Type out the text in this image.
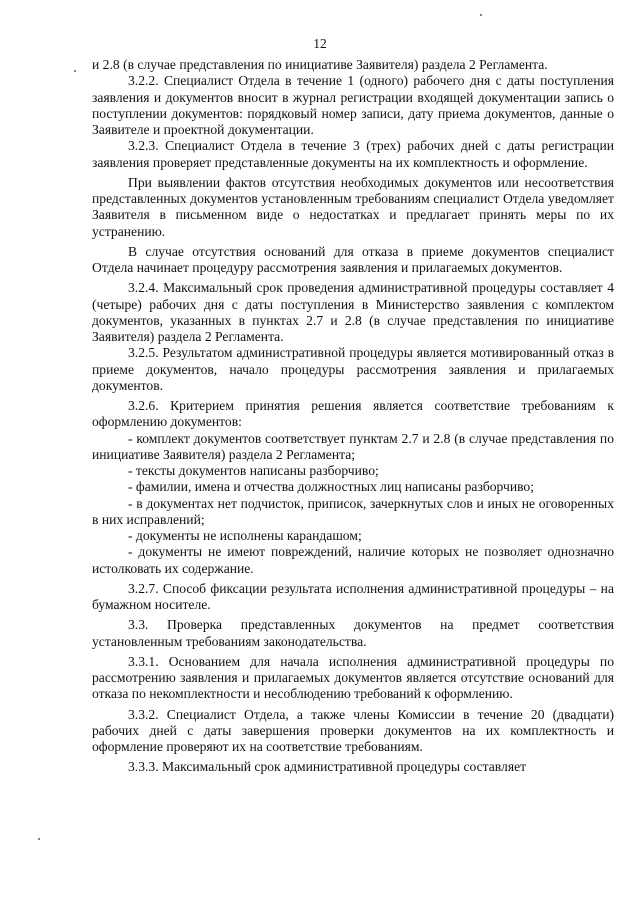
12

и 2.8 (в случае представления по инициативе Заявителя) раздела 2 Регламента.

3.2.2. Специалист Отдела в течение 1 (одного) рабочего дня с даты поступления заявления и документов вносит в журнал регистрации входящей документации запись о поступлении документов: порядковый номер записи, дату приема документов, данные о Заявителе и проектной документации.

3.2.3. Специалист Отдела в течение 3 (трех) рабочих дней с даты регистрации заявления проверяет представленные документы на их комплектность и оформление.

При выявлении фактов отсутствия необходимых документов или несоответствия представленных документов установленным требованиям специалист Отдела уведомляет Заявителя в письменном виде о недостатках и предлагает принять меры по их устранению.

В случае отсутствия оснований для отказа в приеме документов специалист Отдела начинает процедуру рассмотрения заявления и прилагаемых документов.

3.2.4. Максимальный срок проведения административной процедуры составляет 4 (четыре) рабочих дня с даты поступления в Министерство заявления с комплектом документов, указанных в пунктах 2.7 и 2.8 (в случае представления по инициативе Заявителя) раздела 2 Регламента.

3.2.5. Результатом административной процедуры является мотивированный отказ в приеме документов, начало процедуры рассмотрения заявления и прилагаемых документов.

3.2.6. Критерием принятия решения является соответствие требованиям к оформлению документов:

- комплект документов соответствует пунктам 2.7 и 2.8 (в случае представления по инициативе Заявителя) раздела 2 Регламента;

- тексты документов написаны разборчиво;

- фамилии, имена и отчества должностных лиц написаны разборчиво;

- в документах нет подчисток, приписок, зачеркнутых слов и иных не оговоренных в них исправлений;

- документы не исполнены карандашом;

- документы не имеют повреждений, наличие которых не позволяет однозначно истолковать их содержание.

3.2.7. Способ фиксации результата исполнения административной процедуры – на бумажном носителе.

3.3. Проверка представленных документов на предмет соответствия установленным требованиям законодательства.

3.3.1. Основанием для начала исполнения административной процедуры по рассмотрению заявления и прилагаемых документов является отсутствие оснований для отказа по некомплектности и несоблюдению требований к оформлению.

3.3.2. Специалист Отдела, а также члены Комиссии в течение 20 (двадцати) рабочих дней с даты завершения проверки документов на их комплектность и оформление проверяют их на соответствие требованиям.

3.3.3. Максимальный срок административной процедуры составляет
